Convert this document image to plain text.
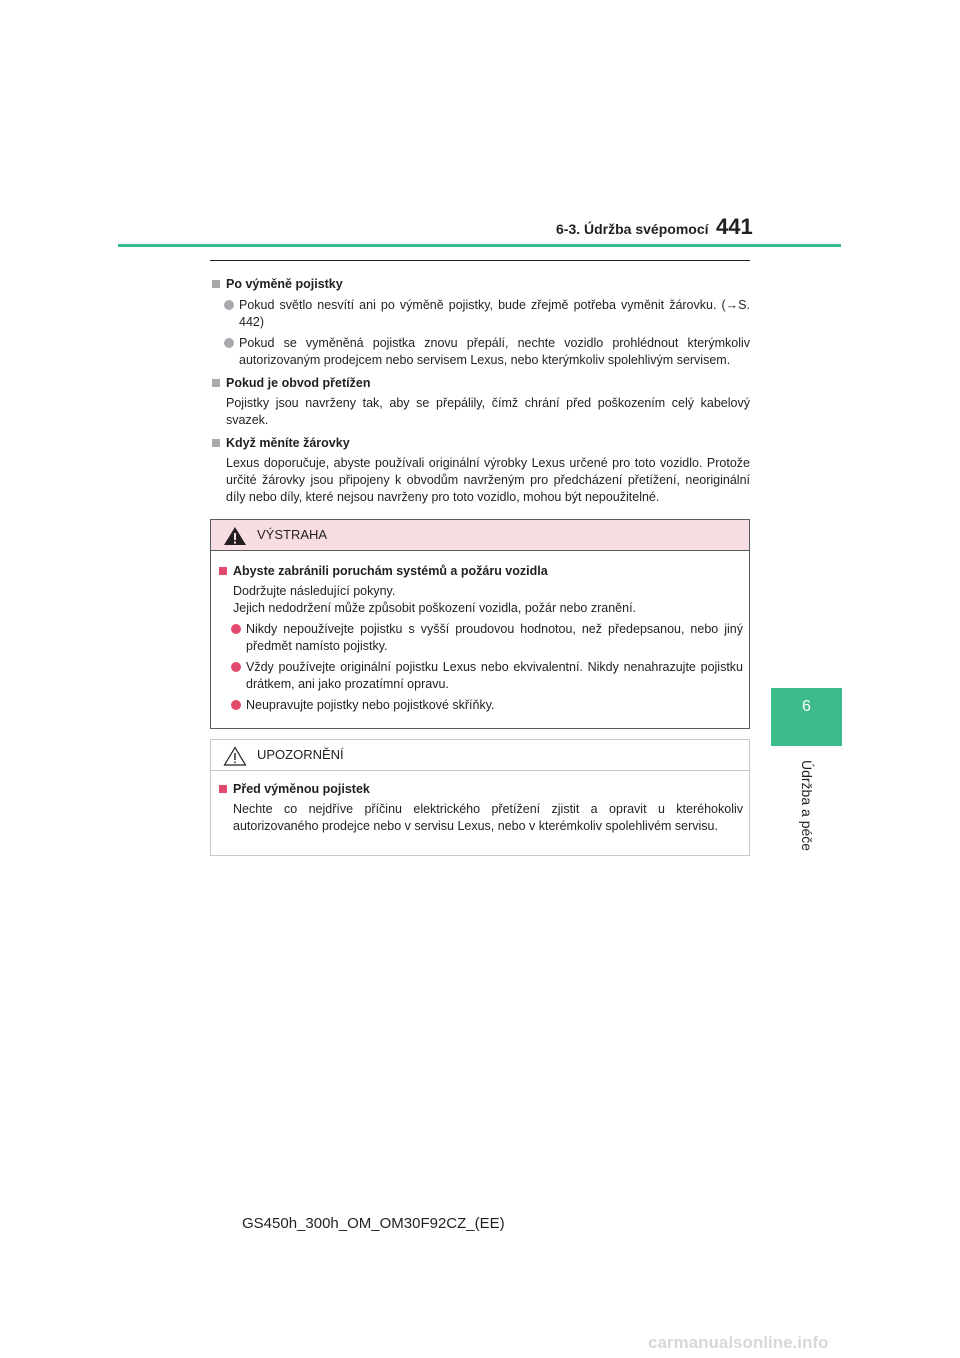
6-3. Údržba svépomocí 441
6
Údržba a péče
Po výměně pojistky
Pokud světlo nesvítí ani po výměně pojistky, bude zřejmě potřeba vyměnit žárovku. (→S. 442)
Pokud se vyměněná pojistka znovu přepálí, nechte vozidlo prohlédnout kterýmkoliv autorizovaným prodejcem nebo servisem Lexus, nebo kterýmkoliv spolehlivým servisem.
Pokud je obvod přetížen
Pojistky jsou navrženy tak, aby se přepálily, čímž chrání před poškozením celý kabelový svazek.
Když měníte žárovky
Lexus doporučuje, abyste používali originální výrobky Lexus určené pro toto vozidlo. Protože určité žárovky jsou připojeny k obvodům navrženým pro předcházení přetížení, neoriginální díly nebo díly, které nejsou navrženy pro toto vozidlo, mohou být nepoužitelné.
VÝSTRAHA
Abyste zabránili poruchám systémů a požáru vozidla
Dodržujte následující pokyny.
Jejich nedodržení může způsobit poškození vozidla, požár nebo zranění.
Nikdy nepoužívejte pojistku s vyšší proudovou hodnotou, než předepsanou, nebo jiný předmět namísto pojistky.
Vždy používejte originální pojistku Lexus nebo ekvivalentní. Nikdy nenahrazujte pojistku drátkem, ani jako prozatímní opravu.
Neupravujte pojistky nebo pojistkové skříňky.
UPOZORNĚNÍ
Před výměnou pojistek
Nechte co nejdříve příčinu elektrického přetížení zjistit a opravit u kteréhokoliv autorizovaného prodejce nebo v servisu Lexus, nebo v kterémkoliv spolehlivém servisu.
GS450h_300h_OM_OM30F92CZ_(EE)
carmanualsonline.info
